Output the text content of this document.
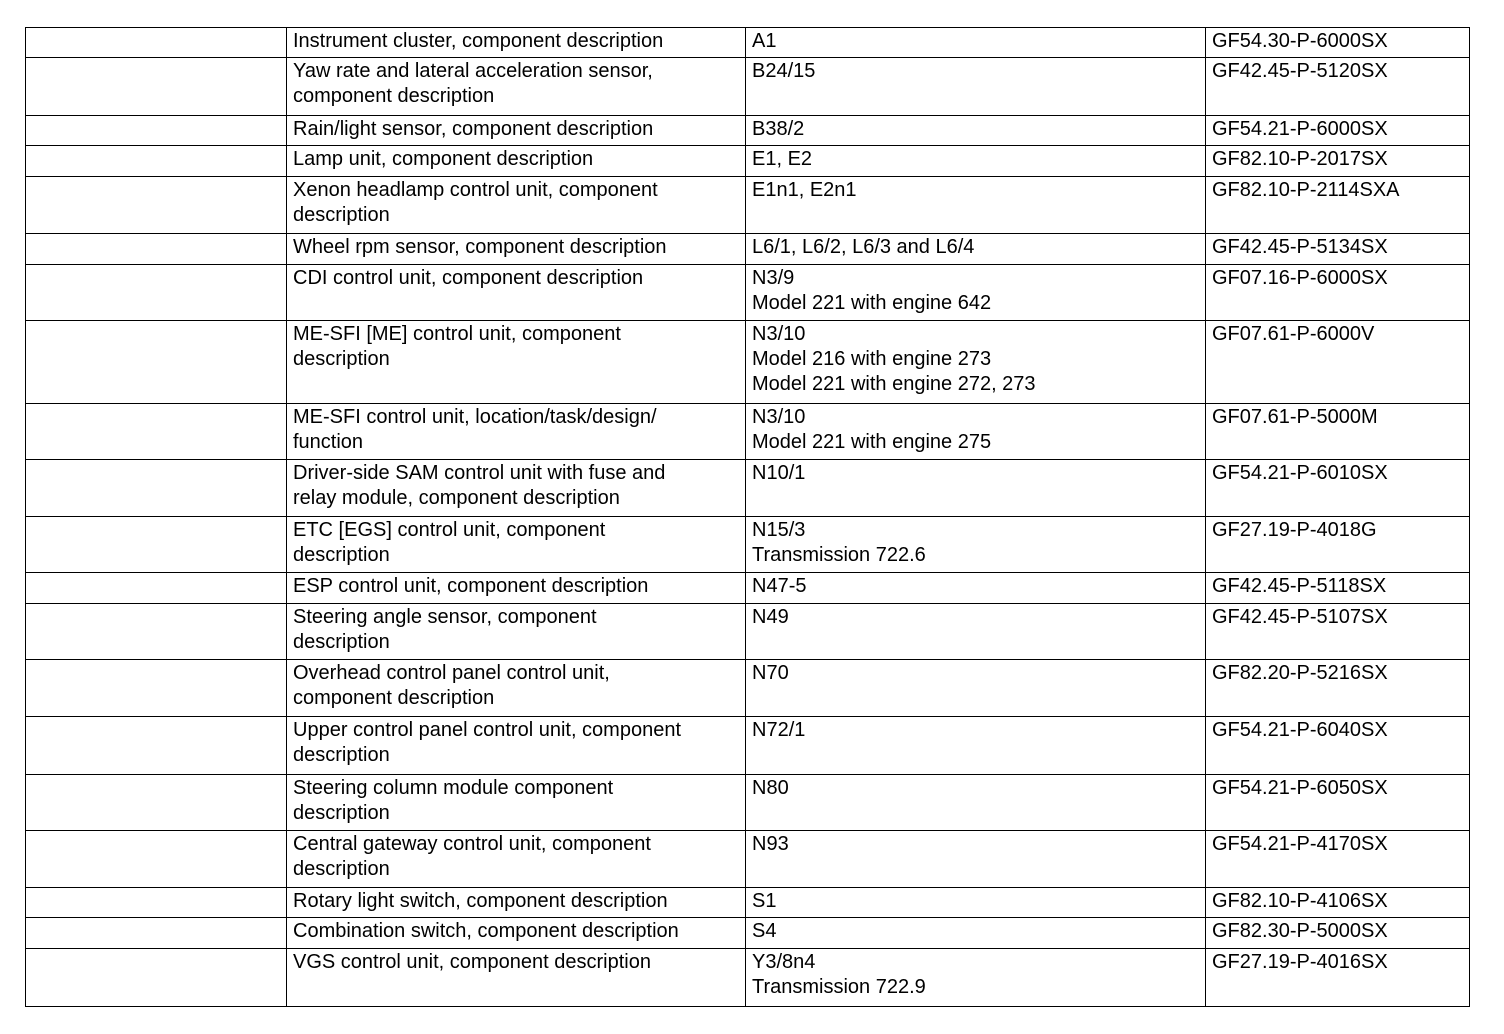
	Instrument cluster, component description	A1	GF54.30-P-6000SX

	Yaw rate and lateral acceleration sensor,
component description	B24/15	GF42.45-P-5120SX

	Rain/light sensor, component description	B38/2	GF54.21-P-6000SX

	Lamp unit, component description	E1, E2	GF82.10-P-2017SX

	Xenon headlamp control unit, component
description	E1n1, E2n1	GF82.10-P-2114SXA

	Wheel rpm sensor, component description	L6/1, L6/2, L6/3 and L6/4	GF42.45-P-5134SX

	CDI control unit, component description	N3/9
Model 221 with engine 642	GF07.16-P-6000SX

	ME-SFI [ME] control unit, component
description	N3/10
Model 216 with engine 273
Model 221 with engine 272, 273	GF07.61-P-6000V

	ME-SFI control unit, location/task/design/
function	N3/10
Model 221 with engine 275	GF07.61-P-5000M

	Driver-side SAM control unit with fuse and
relay module, component description	N10/1	GF54.21-P-6010SX

	ETC [EGS] control unit, component
description	N15/3
Transmission 722.6	GF27.19-P-4018G

	ESP control unit, component description	N47-5	GF42.45-P-5118SX

	Steering angle sensor, component
description	N49	GF42.45-P-5107SX

	Overhead control panel control unit,
component description	N70	GF82.20-P-5216SX

	Upper control panel control unit, component
description	N72/1	GF54.21-P-6040SX

	Steering column module component
description	N80	GF54.21-P-6050SX

	Central gateway control unit, component
description	N93	GF54.21-P-4170SX

	Rotary light switch, component description	S1	GF82.10-P-4106SX

	Combination switch, component description	S4	GF82.30-P-5000SX

	VGS control unit, component description	Y3/8n4
Transmission 722.9	GF27.19-P-4016SX
